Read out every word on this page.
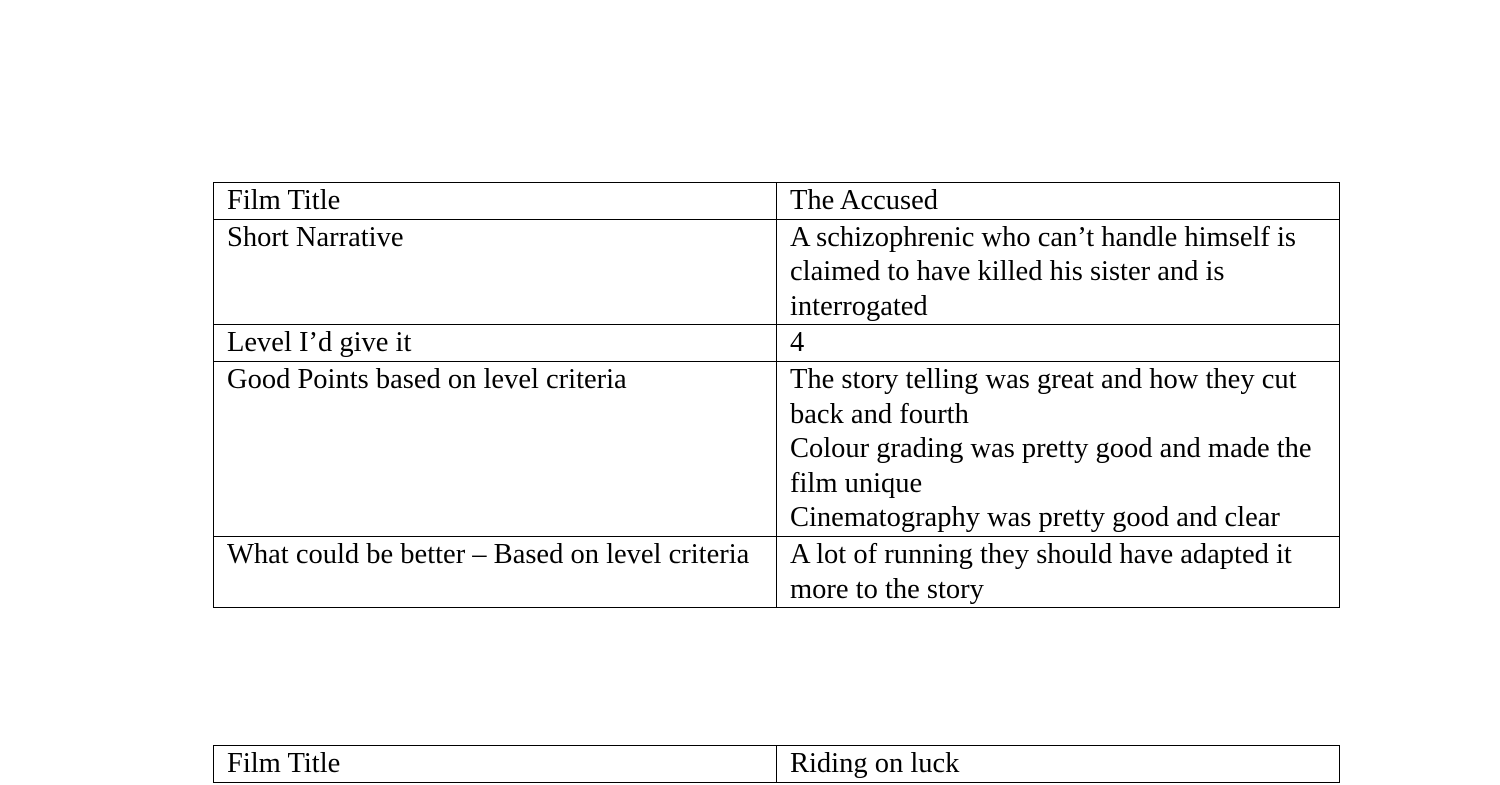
Film Title	The Accused
Short Narrative	A schizophrenic who can’t handle himself is claimed to have killed his sister and is interrogated
Level I’d give it	4
Good Points based on level criteria	The story telling was great and how they cut back and fourth
Colour grading was pretty good and made the film unique
Cinematography was pretty good and clear

What could be better – Based on level criteria	A lot of running they should have adapted it more to the story
Film Title	Riding on luck
